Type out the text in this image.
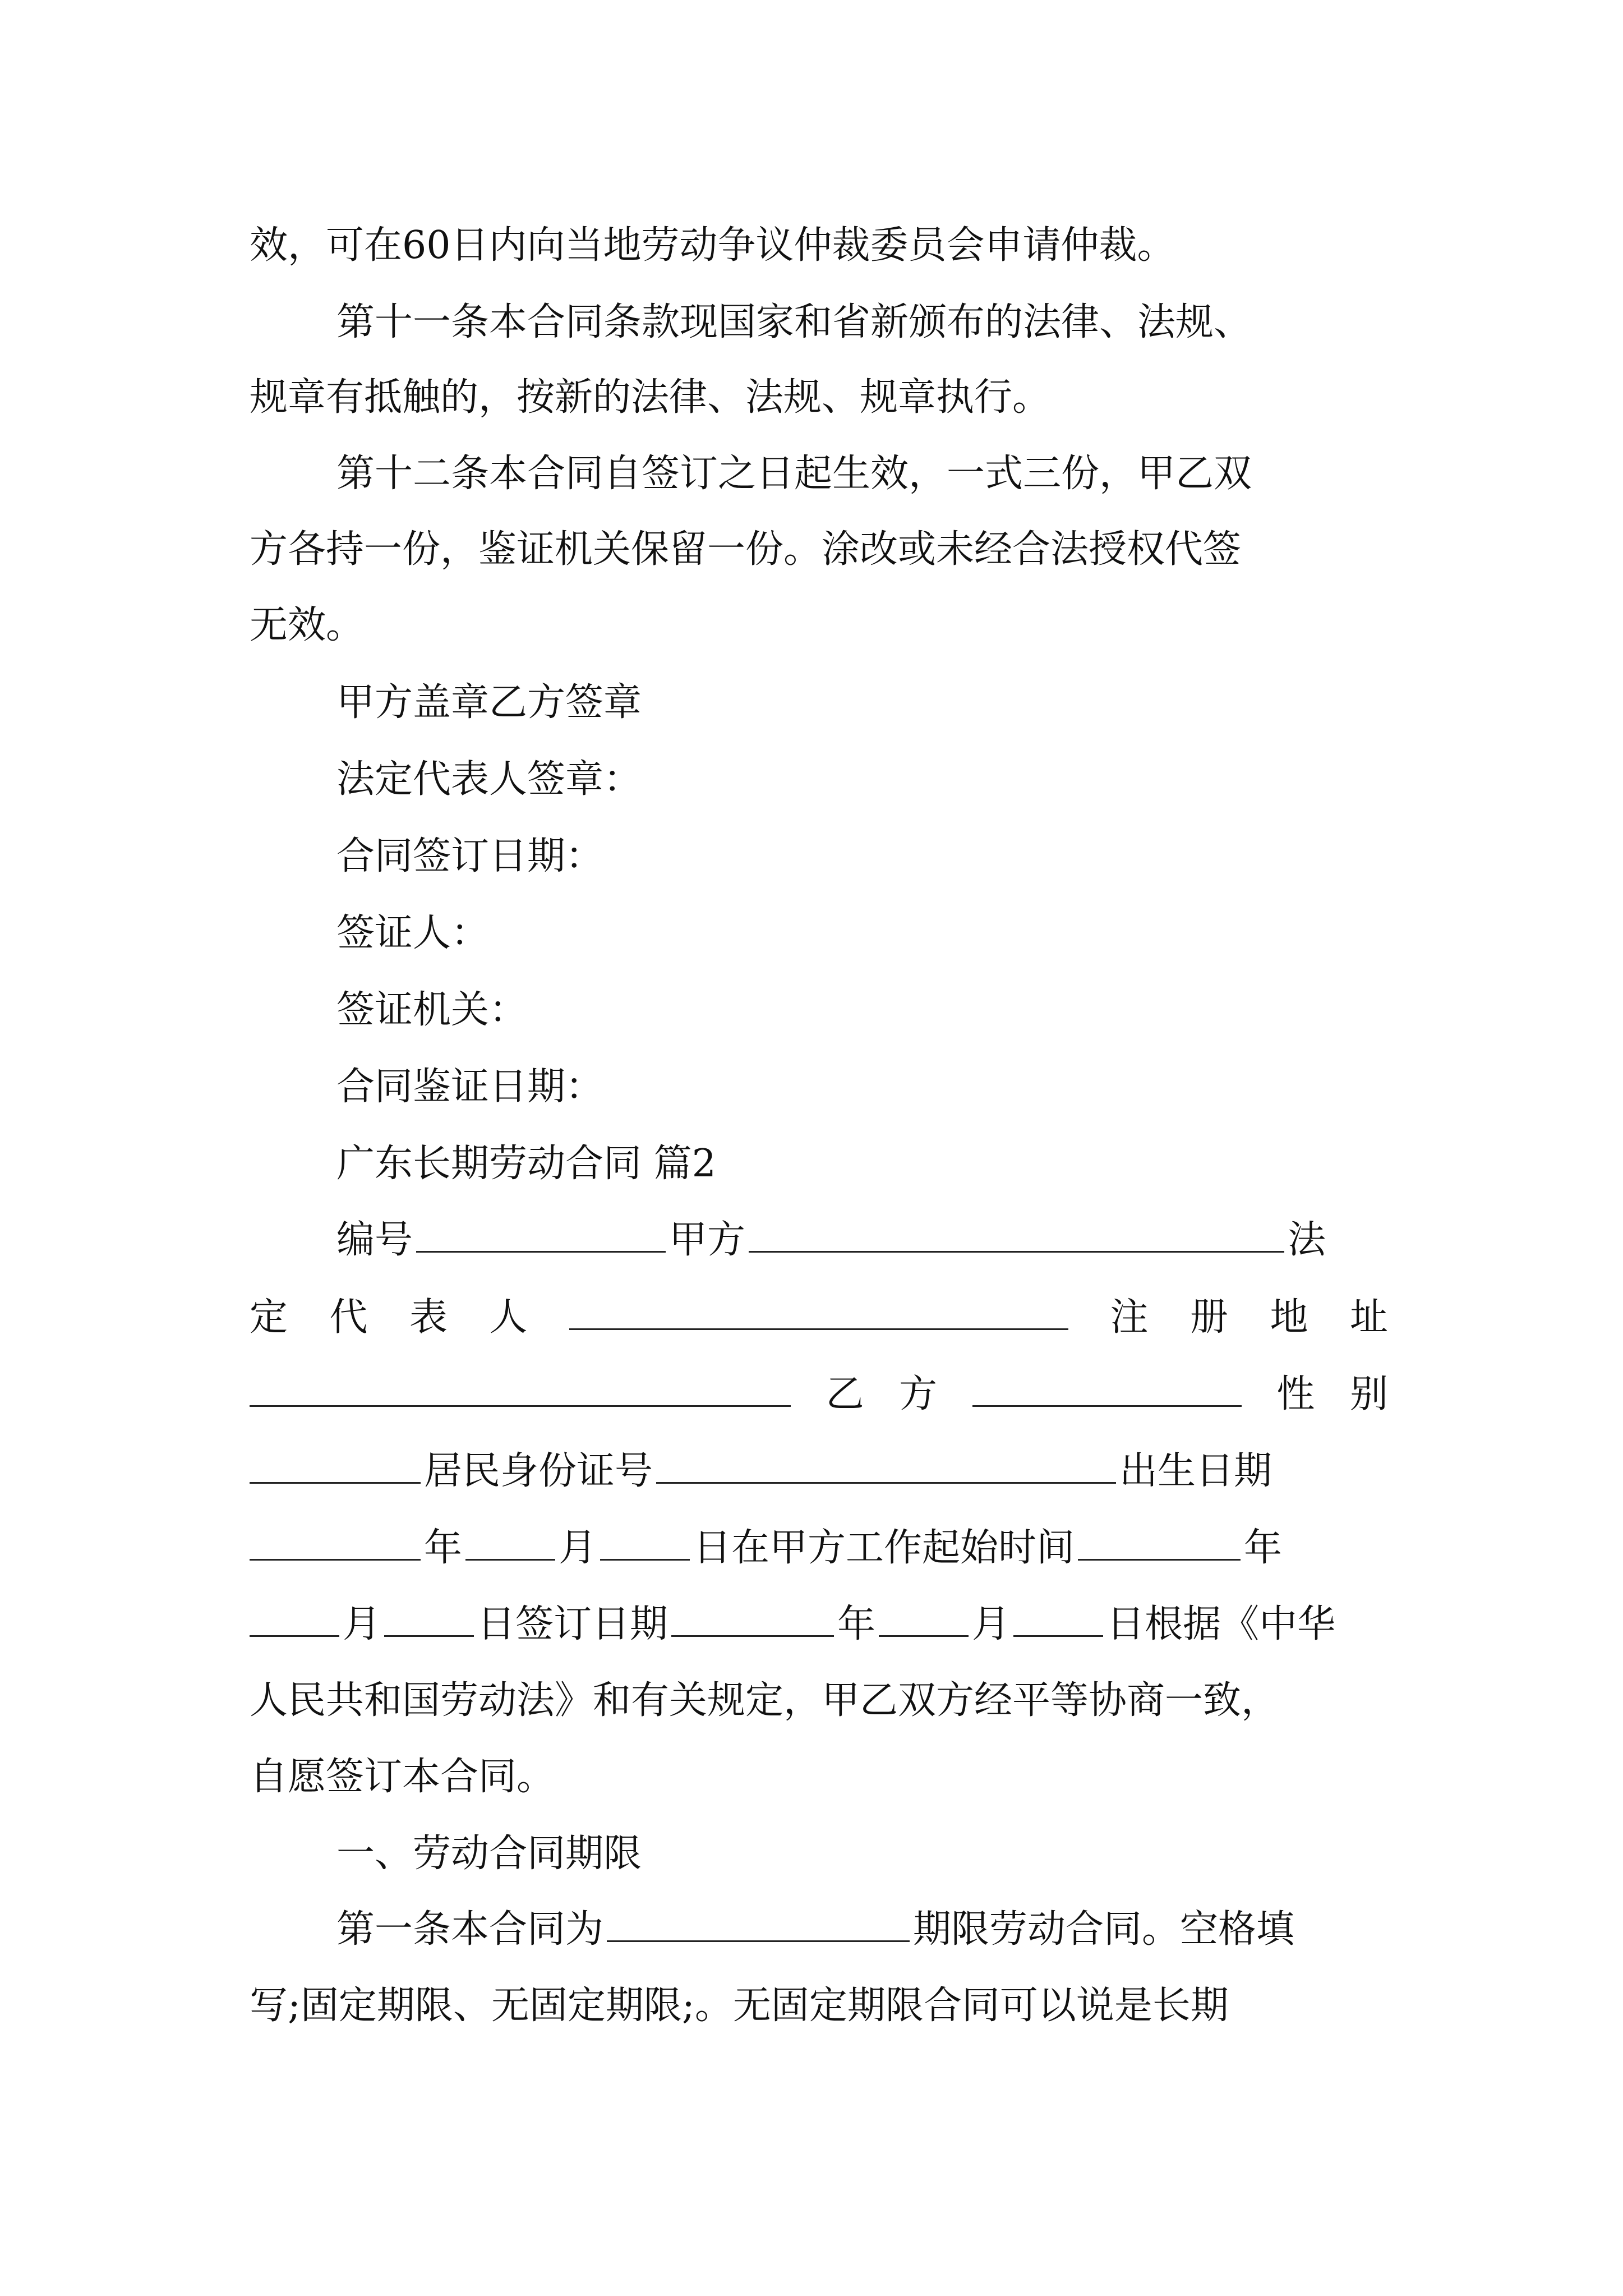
效，可在60日内向当地劳动争议仲裁委员会申请仲裁。
第十一条本合同条款现国家和省新颁布的法律、法规、
规章有抵触的，按新的法律、法规、规章执行。
第十二条本合同自签订之日起生效，一式三份，甲乙双
方各持一份，鉴证机关保留一份。涂改或未经合法授权代签
无效。
甲方盖章乙方签章
法定代表人签章：
合同签订日期：
签证人：
签证机关：
合同鉴证日期：
广东长期劳动合同 篇2
编号	甲方	法
定 代 表 人	注 册 地 址
乙 方	性 别
居民身份证号	出生日期
年	月	日在甲方工作起始时间	年
月	日签订日期	年	月	日根据《中华
人民共和国劳动法》和有关规定，甲乙双方经平等协商一致，
自愿签订本合同。
一、劳动合同期限
第一条本合同为	期限劳动合同。空格填
写;固定期限、无固定期限;。无固定期限合同可以说是长期
